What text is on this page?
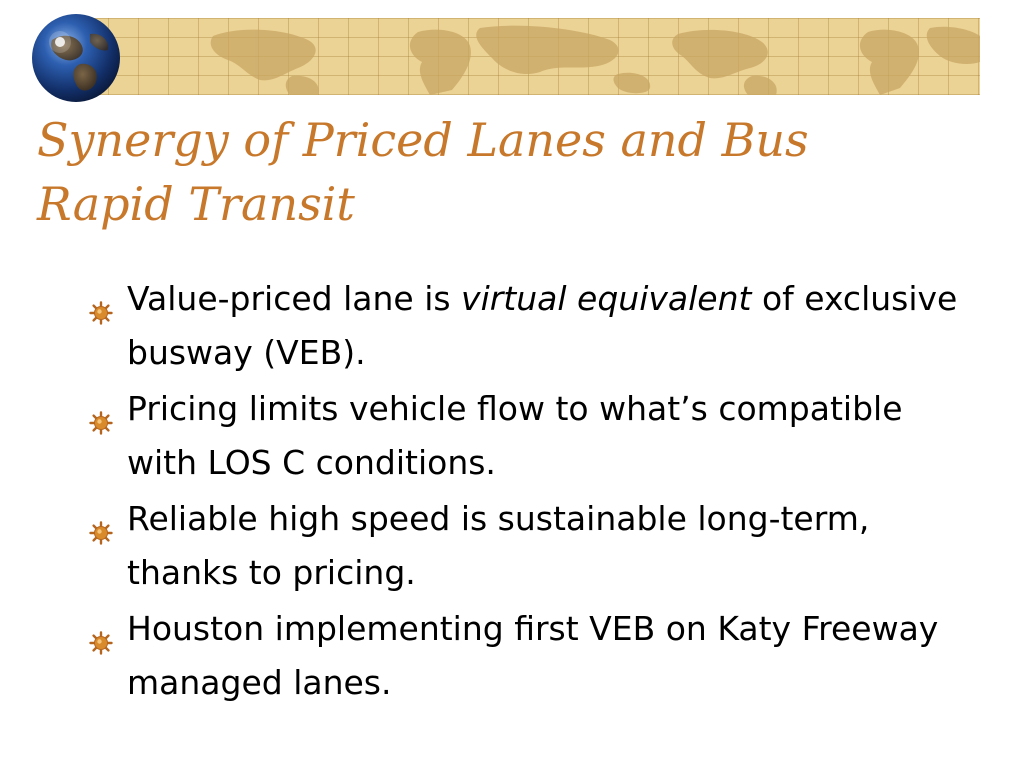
Synergy of Priced Lanes and Bus
Rapid Transit
Value-priced lane is virtual equivalent of exclusive busway (VEB).
Pricing limits vehicle flow to what’s compatible with LOS C conditions.
Reliable high speed is sustainable long-term, thanks to pricing.
Houston implementing first VEB on Katy Freeway managed lanes.
